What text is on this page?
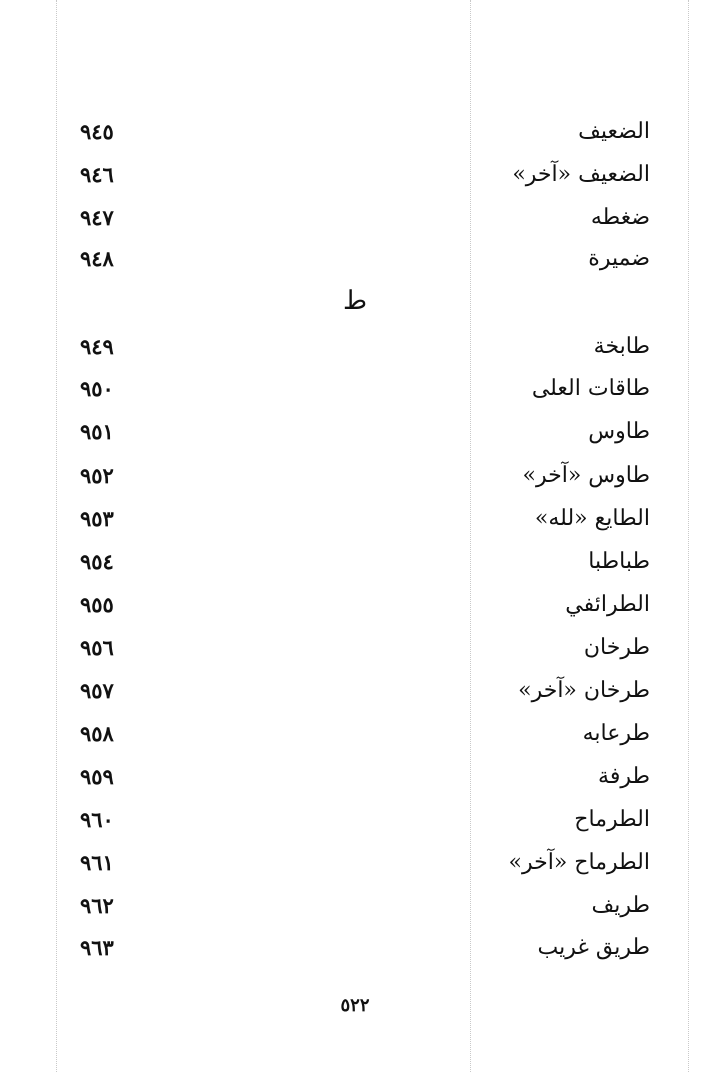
الضعيف
٩٤٥
الضعيف «آخر»
٩٤٦
ضغطه
٩٤٧
ضميرة
٩٤٨
ط
طابخة
٩٤٩
طاقات العلى
٩٥٠
طاوس
٩٥١
طاوس «آخر»
٩٥٢
الطايع «لله»
٩٥٣
طباطبا
٩٥٤
الطرائفي
٩٥٥
طرخان
٩٥٦
طرخان «آخر»
٩٥٧
طرعابه
٩٥٨
طرفة
٩٥٩
الطرماح
٩٦٠
الطرماح «آخر»
٩٦١
طريف
٩٦٢
طريق غريب
٩٦٣
٥٢٢
